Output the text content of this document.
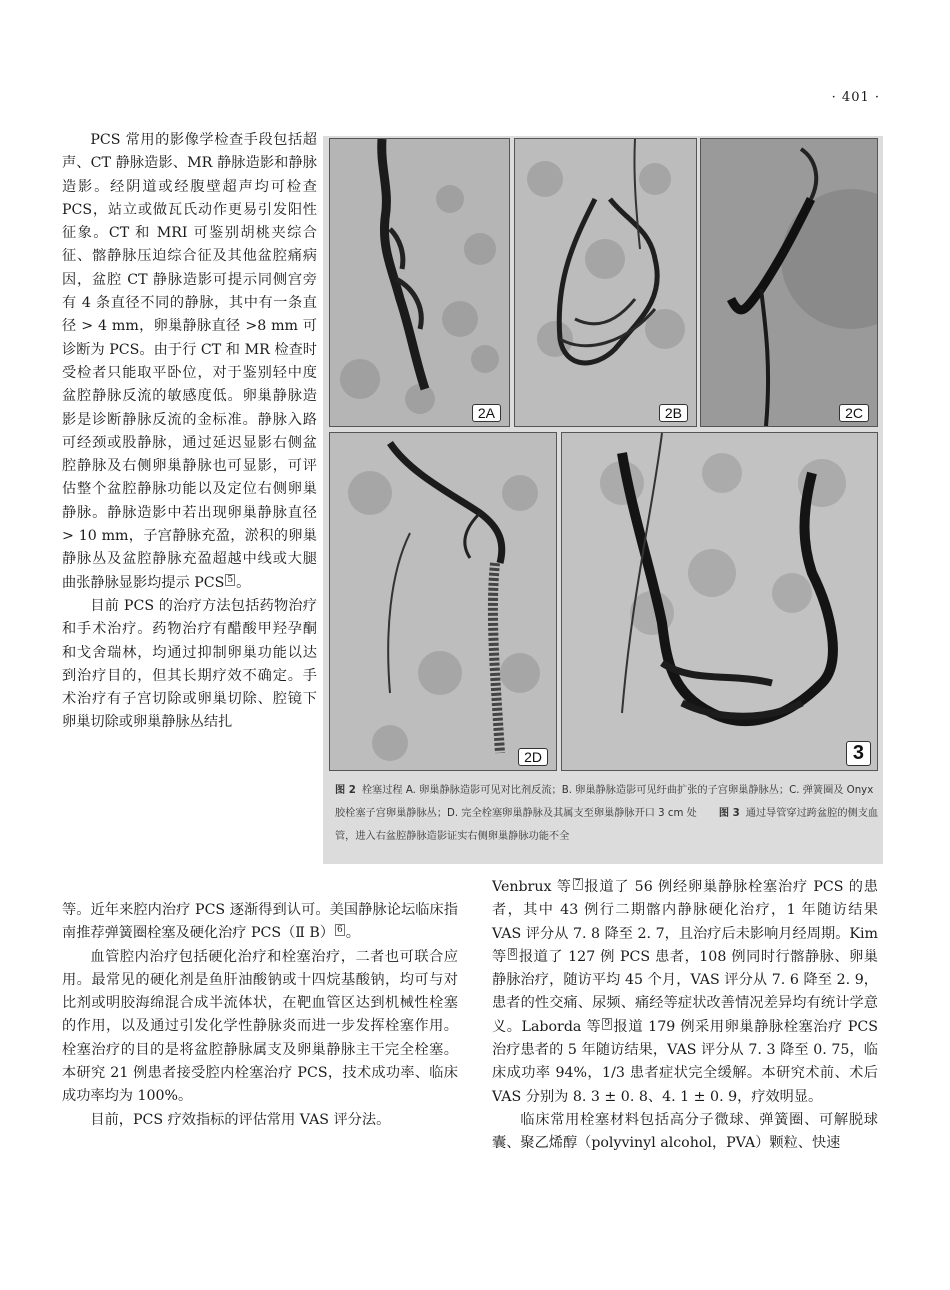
· 401 ·

PCS 常用的影像学检查手段包括超声、CT 静脉造影、MR 静脉造影和静脉造影。经阴道或经腹壁超声均可检查 PCS，站立或做瓦氏动作更易引发阳性征象。CT 和 MRI 可鉴别胡桃夹综合征、髂静脉压迫综合征及其他盆腔痛病因，盆腔 CT 静脉造影可提示同侧宫旁有 4 条直径不同的静脉，其中有一条直径 > 4 mm，卵巢静脉直径 >8 mm 可诊断为 PCS。由于行 CT 和 MR 检查时受检者只能取平卧位，对于鉴别轻中度盆腔静脉反流的敏感度低。卵巢静脉造影是诊断静脉反流的金标准。静脉入路可经颈或股静脉，通过延迟显影右侧盆腔静脉及右侧卵巢静脉也可显影，可评估整个盆腔静脉功能以及定位右侧卵巢静脉。静脉造影中若出现卵巢静脉直径 > 10 mm，子宫静脉充盈，淤积的卵巢静脉丛及盆腔静脉充盈超越中线或大腿曲张静脉显影均提示 PCS $^5$ 。

目前 PCS 的治疗方法包括药物治疗和手术治疗。药物治疗有醋酸甲羟孕酮和戈舍瑞林，均通过抑制卵巢功能以达到治疗目的，但其长期疗效不确定。手术治疗有子宫切除或卵巢切除、腔镜下卵巢切除或卵巢静脉丛结扎

2A	2B	2C
2D	3
图 2 栓塞过程 A. 卵巢静脉造影可见对比剂反流；B. 卵巢静脉造影可见纡曲扩张的子宫卵巢静脉丛；C. 弹簧圈及 Onyx 胶栓塞子宫卵巢静脉丛；D. 完全栓塞卵巢静脉及其属支至卵巢静脉开口 3 cm 处 图 3 通过导管穿过跨盆腔的侧支血管，进入右盆腔静脉造影证实右侧卵巢静脉功能不全

等。近年来腔内治疗 PCS 逐渐得到认可。美国静脉论坛临床指南推荐弹簧圈栓塞及硬化治疗 PCS（Ⅱ B） $^6$ 。

血管腔内治疗包括硬化治疗和栓塞治疗，二者也可联合应用。最常见的硬化剂是鱼肝油酸钠或十四烷基酸钠，均可与对比剂或明胶海绵混合成半流体状，在靶血管区达到机械性栓塞的作用，以及通过引发化学性静脉炎而进一步发挥栓塞作用。栓塞治疗的目的是将盆腔静脉属支及卵巢静脉主干完全栓塞。本研究 21 例患者接受腔内栓塞治疗 PCS，技术成功率、临床成功率均为 100%。

目前，PCS 疗效指标的评估常用 VAS 评分法。

Venbrux 等 $^7$ 报道了 56 例经卵巢静脉栓塞治疗 PCS 的患者，其中 43 例行二期髂内静脉硬化治疗，1 年随访结果 VAS 评分从 7. 8 降至 2. 7，且治疗后未影响月经周期。Kim 等 $^8$ 报道了 127 例 PCS 患者，108 例同时行髂静脉、卵巢静脉治疗，随访平均 45 个月，VAS 评分从 7. 6 降至 2. 9，患者的性交痛、尿频、痛经等症状改善情况差异均有统计学意义。Laborda 等 $^9$ 报道 179 例采用卵巢静脉栓塞治疗 PCS 治疗患者的 5 年随访结果，VAS 评分从 7. 3 降至 0. 75，临床成功率 94%，1/3 患者症状完全缓解。本研究术前、术后 VAS 分别为 8. 3 ± 0. 8、4. 1 ± 0. 9，疗效明显。

临床常用栓塞材料包括高分子微球、弹簧圈、可解脱球囊、聚乙烯醇（polyvinyl alcohol，PVA）颗粒、快速
